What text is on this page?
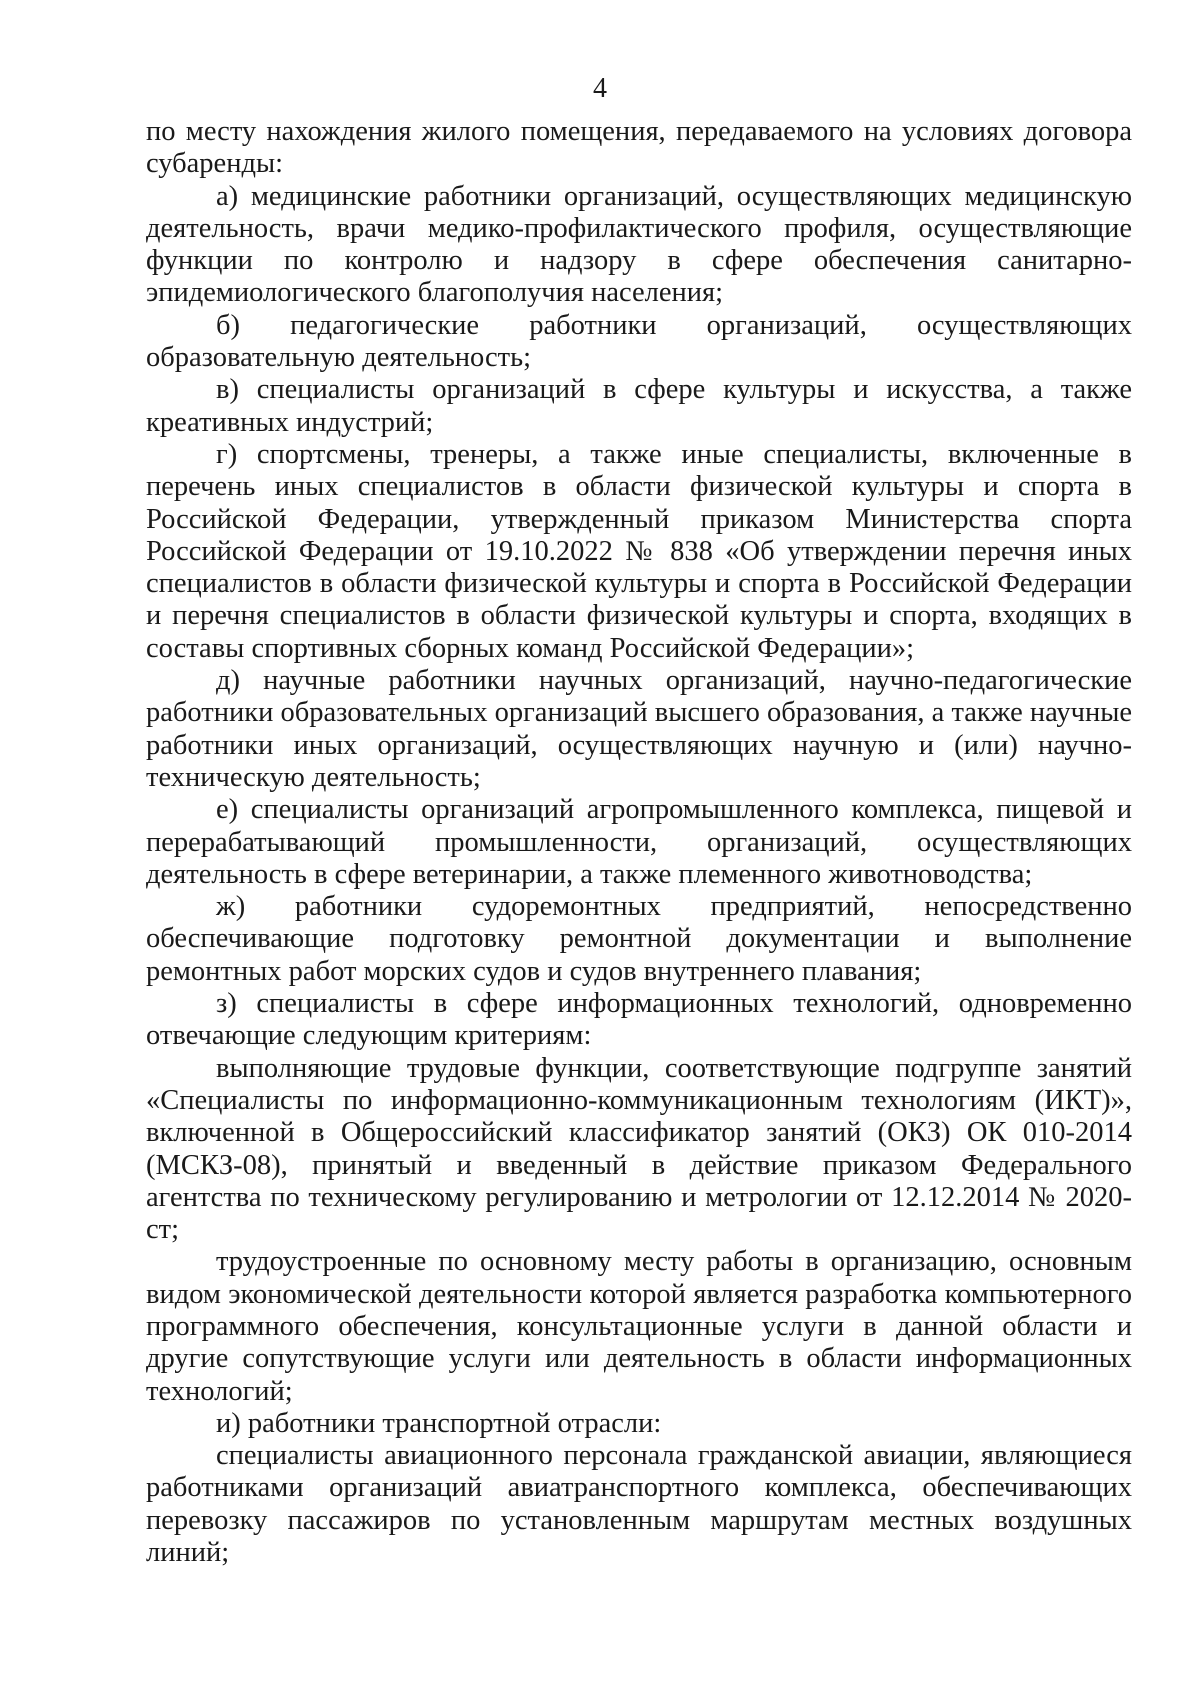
4

по месту нахождения жилого помещения, передаваемого на условиях договора субаренды:

а) медицинские работники организаций, осуществляющих медицинскую деятельность, врачи медико-профилактического профиля, осуществляющие функции по контролю и надзору в сфере обеспечения санитарно-эпидемиологического благополучия населения;

б) педагогические работники организаций, осуществляющих образовательную деятельность;

в) специалисты организаций в сфере культуры и искусства, а также креативных индустрий;

г) спортсмены, тренеры, а также иные специалисты, включенные в перечень иных специалистов в области физической культуры и спорта в Российской Федерации, утвержденный приказом Министерства спорта Российской Федерации от 19.10.2022 № 838 «Об утверждении перечня иных специалистов в области физической культуры и спорта в Российской Федерации и перечня специалистов в области физической культуры и спорта, входящих в составы спортивных сборных команд Российской Федерации»;

д) научные работники научных организаций, научно-педагогические работники образовательных организаций высшего образования, а также научные работники иных организаций, осуществляющих научную и (или) научно-техническую деятельность;

е) специалисты организаций агропромышленного комплекса, пищевой и перерабатывающий промышленности, организаций, осуществляющих деятельность в сфере ветеринарии, а также племенного животноводства;

ж) работники судоремонтных предприятий, непосредственно обеспечивающие подготовку ремонтной документации и выполнение ремонтных работ морских судов и судов внутреннего плавания;

з) специалисты в сфере информационных технологий, одновременно отвечающие следующим критериям:

выполняющие трудовые функции, соответствующие подгруппе занятий «Специалисты по информационно-коммуникационным технологиям (ИКТ)», включенной в Общероссийский классификатор занятий (ОКЗ) ОК 010-2014 (МСКЗ-08), принятый и введенный в действие приказом Федерального агентства по техническому регулированию и метрологии от 12.12.2014 № 2020-ст;

трудоустроенные по основному месту работы в организацию, основным видом экономической деятельности которой является разработка компьютерного программного обеспечения, консультационные услуги в данной области и другие сопутствующие услуги или деятельность в области информационных технологий;

и) работники транспортной отрасли:

специалисты авиационного персонала гражданской авиации, являющиеся работниками организаций авиатранспортного комплекса, обеспечивающих перевозку пассажиров по установленным маршрутам местных воздушных линий;
